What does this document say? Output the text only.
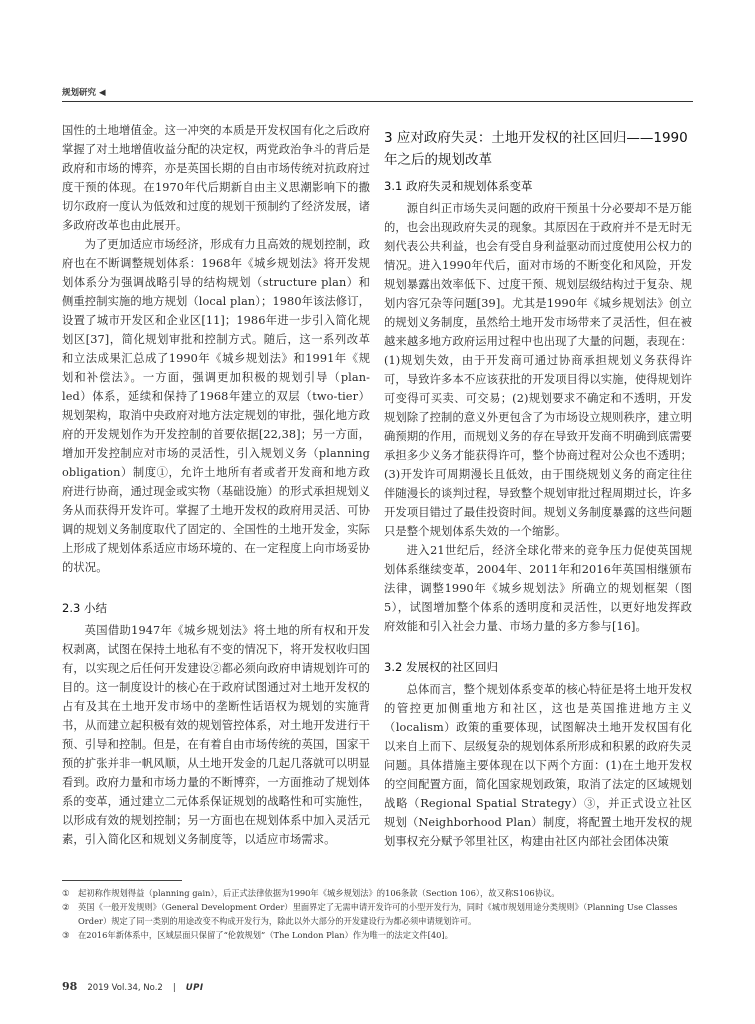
规划研究 ◀

国性的土地增值金。这一冲突的本质是开发权国有化之后政府掌握了对土地增值收益分配的决定权，两党政治争斗的背后是政府和市场的博弈，亦是英国长期的自由市场传统对抗政府过度干预的体现。在1970年代后期新自由主义思潮影响下的撒切尔政府一度认为低效和过度的规划干预制约了经济发展，诸多政府改革也由此展开。

为了更加适应市场经济，形成有力且高效的规划控制，政府也在不断调整规划体系：1968年《城乡规划法》将开发规划体系分为强调战略引导的结构规划（structure plan）和侧重控制实施的地方规划（local plan）；1980年该法修订，设置了城市开发区和企业区[11]；1986年进一步引入简化规划区[37]，简化规划审批和控制方式。随后，这一系列改革和立法成果汇总成了1990年《城乡规划法》和1991年《规划和补偿法》。一方面，强调更加积极的规划引导（plan-led）体系，延续和保持了1968年建立的双层（two-tier）规划架构，取消中央政府对地方法定规划的审批，强化地方政府的开发规划作为开发控制的首要依据[22,38]；另一方面，增加开发控制应对市场的灵活性，引入规划义务（planning obligation）制度①，允许土地所有者或者开发商和地方政府进行协商，通过现金或实物（基础设施）的形式承担规划义务从而获得开发许可。掌握了土地开发权的政府用灵活、可协调的规划义务制度取代了固定的、全国性的土地开发金，实际上形成了规划体系适应市场环境的、在一定程度上向市场妥协的状况。

2.3 小结

英国借助1947年《城乡规划法》将土地的所有权和开发权剥离，试图在保持土地私有不变的情况下，将开发权收归国有，以实现之后任何开发建设②都必须向政府申请规划许可的目的。这一制度设计的核心在于政府试图通过对土地开发权的占有及其在土地开发市场中的垄断性话语权为规划的实施背书，从而建立起积极有效的规划管控体系，对土地开发进行干预、引导和控制。但是，在有着自由市场传统的英国，国家干预的扩张并非一帆风顺，从土地开发金的几起几落就可以明显看到。政府力量和市场力量的不断博弈，一方面推动了规划体系的变革，通过建立二元体系保证规划的战略性和可实施性，以形成有效的规划控制；另一方面也在规划体系中加入灵活元素，引入简化区和规划义务制度等，以适应市场需求。

3 应对政府失灵：土地开发权的社区回归——1990年之后的规划改革
3.1 政府失灵和规划体系变革

源自纠正市场失灵问题的政府干预虽十分必要却不是万能的，也会出现政府失灵的现象。其原因在于政府并不是无时无刻代表公共利益，也会有受自身利益驱动而过度使用公权力的情况。进入1990年代后，面对市场的不断变化和风险，开发规划暴露出效率低下、过度干预、规划层级结构过于复杂、规划内容冗杂等问题[39]。尤其是1990年《城乡规划法》创立的规划义务制度，虽然给土地开发市场带来了灵活性，但在被越来越多地方政府运用过程中也出现了大量的问题，表现在：(1)规划失效，由于开发商可通过协商承担规划义务获得许可，导致许多本不应该获批的开发项目得以实施，使得规划许可变得可买卖、可交易；(2)规划要求不确定和不透明，开发规划除了控制的意义外更包含了为市场设立规则秩序，建立明确预期的作用，而规划义务的存在导致开发商不明确到底需要承担多少义务才能获得许可，整个协商过程对公众也不透明；(3)开发许可周期漫长且低效，由于围绕规划义务的商定往往伴随漫长的谈判过程，导致整个规划审批过程周期过长，许多开发项目错过了最佳投资时间。规划义务制度暴露的这些问题只是整个规划体系失效的一个缩影。

进入21世纪后，经济全球化带来的竞争压力促使英国规划体系继续变革，2004年、2011年和2016年英国相继颁布法律，调整1990年《城乡规划法》所确立的规划框架（图5），试图增加整个体系的透明度和灵活性，以更好地发挥政府效能和引入社会力量、市场力量的多方参与[16]。

3.2 发展权的社区回归

总体而言，整个规划体系变革的核心特征是将土地开发权的管控更加侧重地方和社区，这也是英国推进地方主义（localism）政策的重要体现，试图解决土地开发权国有化以来自上而下、层级复杂的规划体系所形成和积累的政府失灵问题。具体措施主要体现在以下两个方面：(1)在土地开发权的空间配置方面，简化国家规划政策，取消了法定的区域规划战略（Regional Spatial Strategy）③，并正式设立社区规划（Neighborhood Plan）制度，将配置土地开发权的规划事权充分赋予邻里社区，构建由社区内部社会团体决策

①	起初称作规划得益（planning gain），后正式法律依据为1990年《城乡规划法》的106条款（Section 106），故又称S106协议。
②	英国《一般开发规则》（General Development Order）里面界定了无需申请开发许可的小型开发行为，同时《城市规划用途分类规则》（Planning Use Classes Order）规定了同一类别的用途改变不构成开发行为，除此以外大部分的开发建设行为都必须申请规划许可。
③	在2016年新体系中，区域层面只保留了“伦敦规划”（The London Plan）作为唯一的法定文件[40]。
98 2019 Vol.34, No.2 | UPI
